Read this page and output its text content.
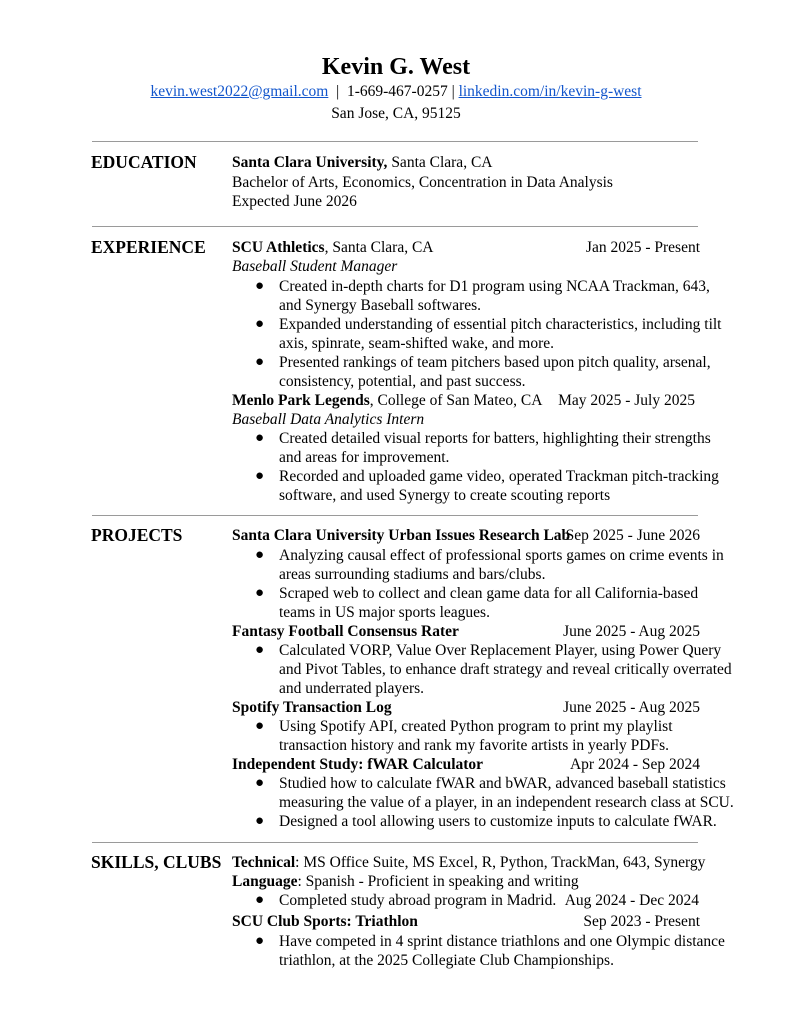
Kevin G. West
kevin.west2022@gmail.com | 1-669-467-0257 | linkedin.com/in/kevin-g-west
San Jose, CA, 95125
EDUCATION Santa Clara University, Santa Clara, CA
Bachelor of Arts, Economics, Concentration in Data Analysis
Expected June 2026
EXPERIENCE SCU Athletics, Santa Clara, CA	Jan 2025 - Present
Baseball Student Manager
● Created in-depth charts for D1 program using NCAA Trackman, 643,
and Synergy Baseball softwares.
● Expanded understanding of essential pitch characteristics, including tilt
axis, spinrate, seam-shifted wake, and more.
● Presented rankings of team pitchers based upon pitch quality, arsenal,
consistency, potential, and past success.
Menlo Park Legends, College of San Mateo, CA May 2025 - July 2025
Baseball Data Analytics Intern
● Created detailed visual reports for batters, highlighting their strengths
and areas for improvement.
● Recorded and uploaded game video, operated Trackman pitch-tracking
software, and used Synergy to create scouting reports
PROJECTS	Santa Clara University Urban Issues Research Lab
Sep 2025 - June 2026
● Analyzing causal effect of professional sports games on crime events in
areas surrounding stadiums and bars/clubs.
● Scraped web to collect and clean game data for all California-based
teams in US major sports leagues.
Fantasy Football Consensus Rater	June 2025 - Aug 2025
● Calculated VORP, Value Over Replacement Player, using Power Query
and Pivot Tables, to enhance draft strategy and reveal critically overrated
and underrated players.
Spotify Transaction Log	June 2025 - Aug 2025
● Using Spotify API, created Python program to print my playlist
transaction history and rank my favorite artists in yearly PDFs.
Independent Study: fWAR Calculator	Apr 2024 - Sep 2024
● Studied how to calculate fWAR and bWAR, advanced baseball statistics
measuring the value of a player, in an independent research class at SCU.
● Designed a tool allowing users to customize inputs to calculate fWAR.
SKILLS, CLUBS Technical: MS Office Suite, MS Excel, R, Python, TrackMan, 643, Synergy
Language: Spanish - Proficient in speaking and writing
● Completed study abroad program in Madrid. Aug 2024 - Dec 2024
SCU Club Sports: Triathlon	Sep 2023 - Present
● Have competed in 4 sprint distance triathlons and one Olympic distance
triathlon, at the 2025 Collegiate Club Championships.
